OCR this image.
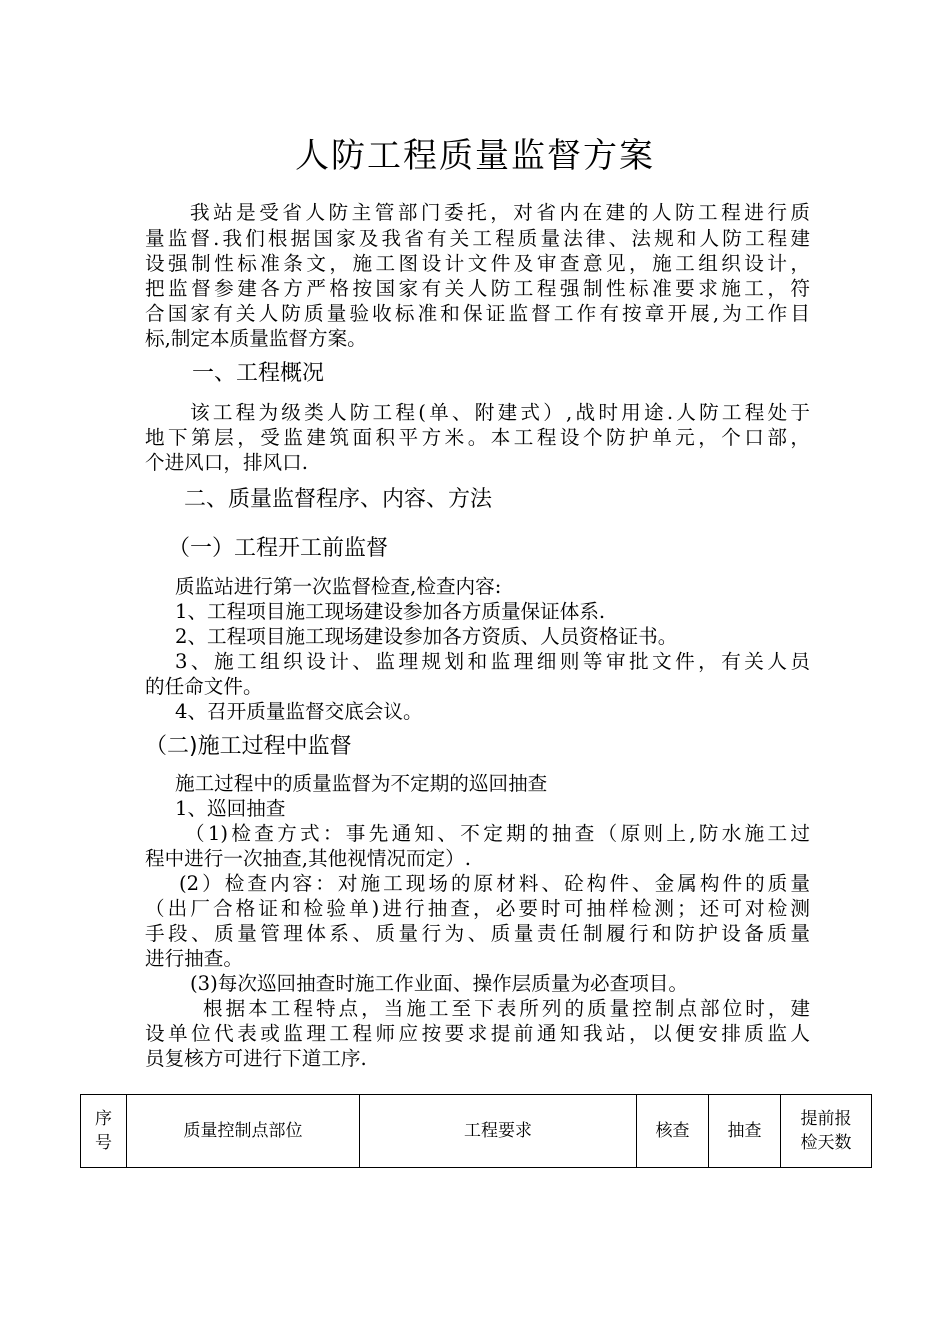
人防工程质量监督方案
我站是受省人防主管部门委托，对省内在建的人防工程进行质
量监督.我们根据国家及我省有关工程质量法律、法规和人防工程建
设强制性标准条文，施工图设计文件及审查意见，施工组织设计，
把监督参建各方严格按国家有关人防工程强制性标准要求施工，符
合国家有关人防质量验收标准和保证监督工作有按章开展,为工作目
标,制定本质量监督方案。
一、工程概况
该工程为级类人防工程(单、附建式）,战时用途.人防工程处于
地下第层，受监建筑面积平方米。本工程设个防护单元，个口部，
个进风口，排风口.
二、质量监督程序、内容、方法
（一）工程开工前监督
质监站进行第一次监督检查,检查内容:
1、工程项目施工现场建设参加各方质量保证体系.
2、工程项目施工现场建设参加各方资质、人员资格证书。
3、施工组织设计、监理规划和监理细则等审批文件，有关人员
的任命文件。
4、召开质量监督交底会议。
（二)施工过程中监督
施工过程中的质量监督为不定期的巡回抽查
1、巡回抽查
（1)检查方式：事先通知、不定期的抽查（原则上,防水施工过
程中进行一次抽查,其他视情况而定）.
(2）检查内容：对施工现场的原材料、砼构件、金属构件的质量
（出厂合格证和检验单)进行抽查，必要时可抽样检测；还可对检测
手段、质量管理体系、质量行为、质量责任制履行和防护设备质量
进行抽查。
(3)每次巡回抽查时施工作业面、操作层质量为必查项目。
根据本工程特点，当施工至下表所列的质量控制点部位时，建
设单位代表或监理工程师应按要求提前通知我站，以便安排质监人
员复核方可进行下道工序.
序号	质量控制点部位	工程要求	核查	抽查	提前报检天数
